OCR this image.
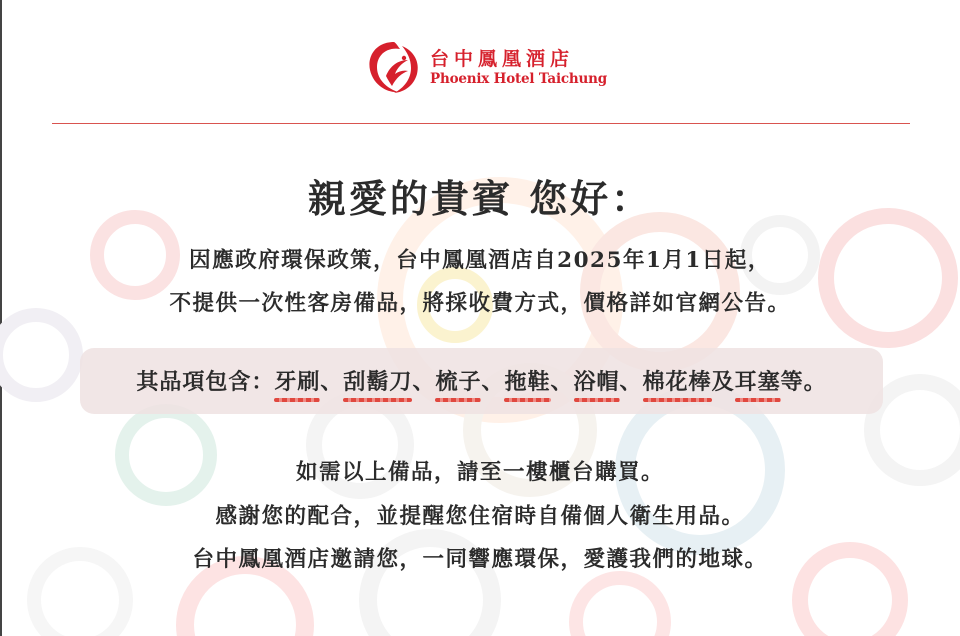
台中鳳凰酒店
Phoenix Hotel Taichung
親愛的貴賓 您好：
因應政府環保政策，台中鳳凰酒店自2025年1月1日起，
不提供一次性客房備品，將採收費方式，價格詳如官網公告。
其品項包含：牙刷、刮鬍刀、梳子、拖鞋、浴帽、棉花棒及耳塞等。
如需以上備品，請至一樓櫃台購買。
感謝您的配合，並提醒您住宿時自備個人衛生用品。
台中鳳凰酒店邀請您，一同響應環保，愛護我們的地球。
